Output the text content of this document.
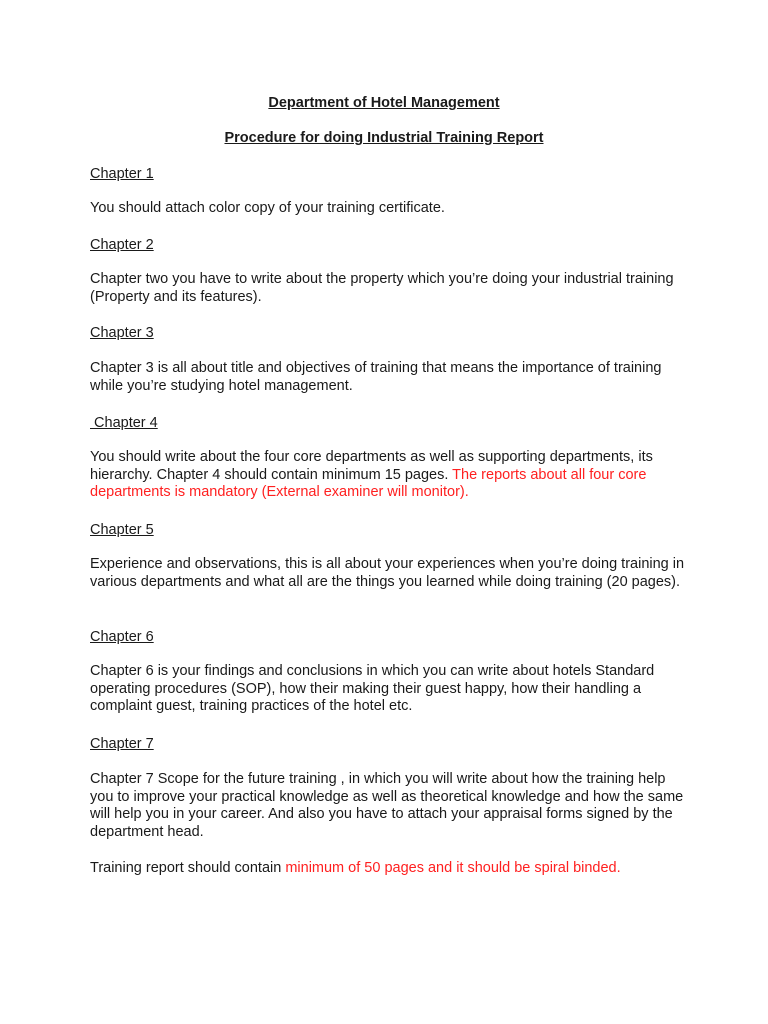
Department of Hotel Management

Procedure for doing Industrial Training Report

Chapter 1

You should attach color copy of your training certificate.

Chapter 2

Chapter two you have to write about the property which you’re doing your industrial training (Property and its features).

Chapter 3

Chapter 3 is all about title and objectives of training that means the importance of training while you’re studying hotel management.

Chapter 4

You should write about the four core departments as well as supporting departments, its hierarchy. Chapter 4 should contain minimum 15 pages. The reports about all four core departments is mandatory (External examiner will monitor).

Chapter 5

Experience and observations, this is all about your experiences when you’re doing training in various departments and what all are the things you learned while doing training (20 pages).

Chapter 6

Chapter 6 is your findings and conclusions in which you can write about hotels Standard operating procedures (SOP), how their making their guest happy, how their handling a complaint guest, training practices of the hotel etc.

Chapter 7

Chapter 7 Scope for the future training , in which you will write about how the training help you to improve your practical knowledge as well as theoretical knowledge and how the same will help you in your career. And also you have to attach your appraisal forms signed by the department head.

Training report should contain minimum of 50 pages and it should be spiral binded.
